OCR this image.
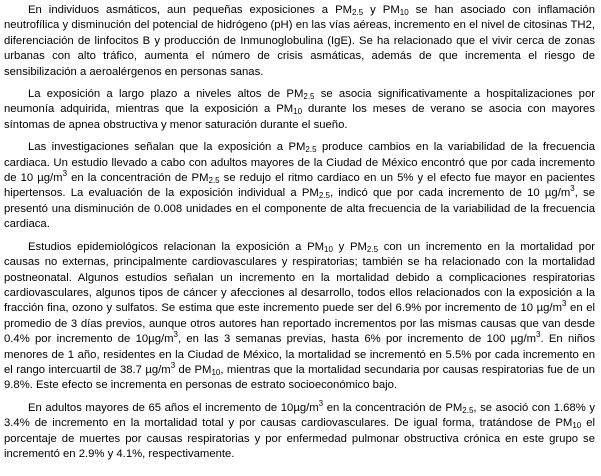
En individuos asmáticos, aun pequeñas exposiciones a $PM_{2.5}$ y $PM_{10}$ se han asociado con inflamación neutrofílica y disminución del potencial de hidrógeno (pH) en las vías aéreas, incremento en el nivel de citosinas TH2, diferenciación de linfocitos B y producción de Inmunoglobulina (IgE). Se ha relacionado que el vivir cerca de zonas urbanas con alto tráfico, aumenta el número de crisis asmáticas, además de que incrementa el riesgo de sensibilización a aeroalérgenos en personas sanas.

La exposición a largo plazo a niveles altos de $PM_{2.5}$ se asocia significativamente a hospitalizaciones por neumonía adquirida, mientras que la exposición a $PM_{10}$ durante los meses de verano se asocia con mayores síntomas de apnea obstructiva y menor saturación durante el sueño.

Las investigaciones señalan que la exposición a $PM_{2.5}$ produce cambios en la variabilidad de la frecuencia cardiaca. Un estudio llevado a cabo con adultos mayores de la Ciudad de México encontró que por cada incremento de 10 $\mu g/m^3$ en la concentración de $PM_{2.5}$ se redujo el ritmo cardiaco en un 5% y el efecto fue mayor en pacientes hipertensos. La evaluación de la exposición individual a $PM_{2.5}$, indicó que por cada incremento de 10 $\mu g/m^3$, se presentó una disminución de 0.008 unidades en el componente de alta frecuencia de la variabilidad de la frecuencia cardiaca.

Estudios epidemiológicos relacionan la exposición a $PM_{10}$ y $PM_{2.5}$ con un incremento en la mortalidad por causas no externas, principalmente cardiovasculares y respiratorias; también se ha relacionado con la mortalidad postneonatal. Algunos estudios señalan un incremento en la mortalidad debido a complicaciones respiratorias cardiovasculares, algunos tipos de cáncer y afecciones al desarrollo, todos ellos relacionados con la exposición a la fracción fina, ozono y sulfatos. Se estima que este incremento puede ser del 6.9% por incremento de 10 $\mu g/m^3$ en el promedio de 3 días previos, aunque otros autores han reportado incrementos por las mismas causas que van desde 0.4% por incremento de $10\mu g/m^3$, en las 3 semanas previas, hasta 6% por incremento de 100 $\mu g/m^3$. En niños menores de 1 año, residentes en la Ciudad de México, la mortalidad se incrementó en 5.5% por cada incremento en el rango intercuartil de 38.7 $\mu g/m^3$ de $PM_{10}$, mientras que la mortalidad secundaria por causas respiratorias fue de un 9.8%. Este efecto se incrementa en personas de estrato socioeconómico bajo.

En adultos mayores de 65 años el incremento de $10\mu g/m^3$ en la concentración de $PM_{2.5}$, se asoció con 1.68% y 3.4% de incremento en la mortalidad total y por causas cardiovasculares. De igual forma, tratándose de $PM_{10}$ el porcentaje de muertes por causas respiratorias y por enfermedad pulmonar obstructiva crónica en este grupo se incrementó en 2.9% y 4.1%, respectivamente.
